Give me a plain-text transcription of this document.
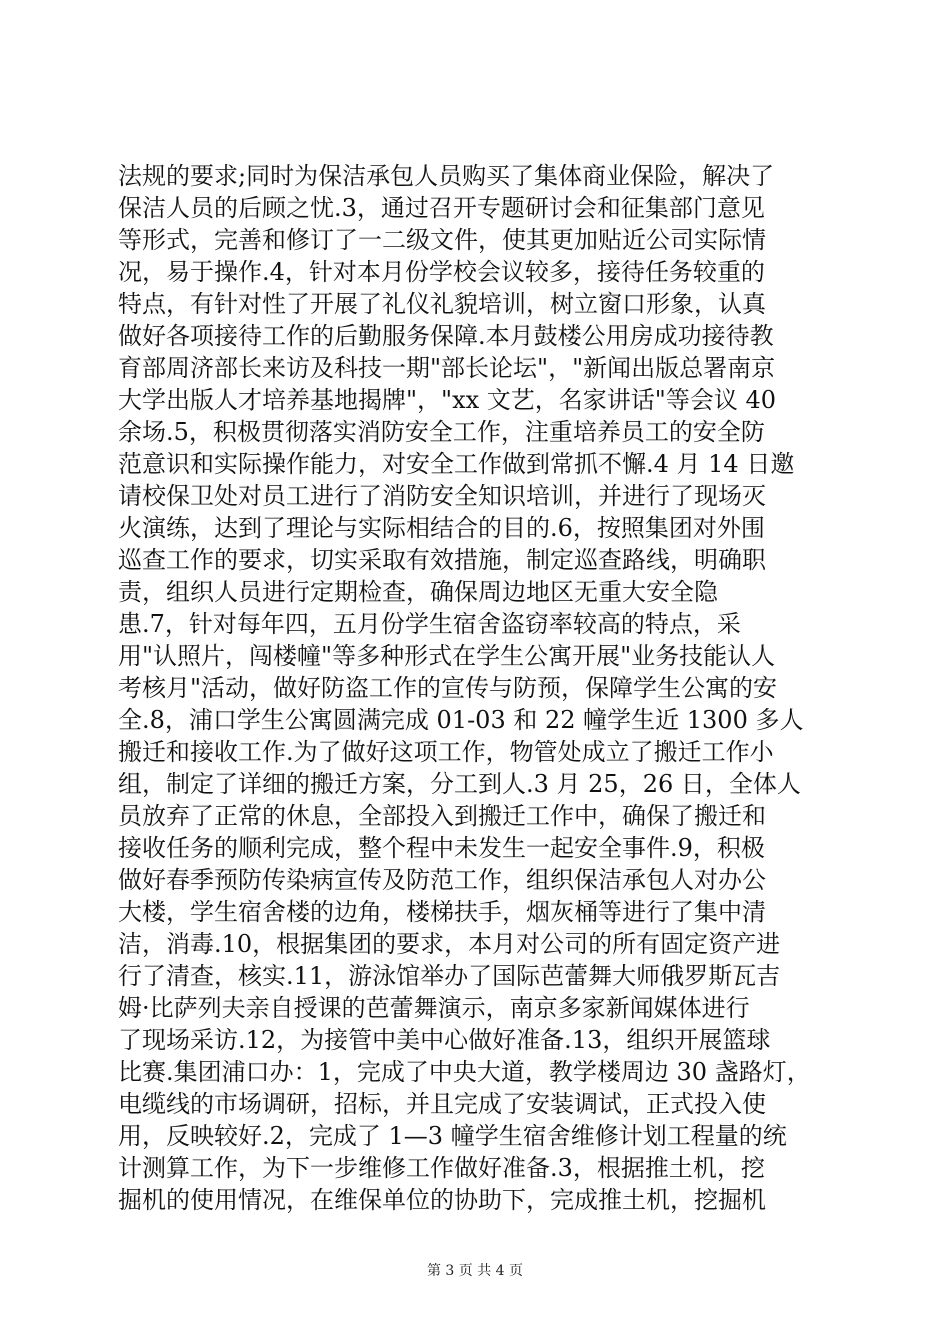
法规的要求;同时为保洁承包人员购买了集体商业保险，解决了
保洁人员的后顾之忧.3，通过召开专题研讨会和征集部门意见
等形式，完善和修订了一二级文件，使其更加贴近公司实际情
况，易于操作.4，针对本月份学校会议较多，接待任务较重的
特点，有针对性了开展了礼仪礼貌培训，树立窗口形象，认真
做好各项接待工作的后勤服务保障.本月鼓楼公用房成功接待教
育部周济部长来访及科技一期"部长论坛"，"新闻出版总署南京
大学出版人才培养基地揭牌"，"xx 文艺，名家讲话"等会议 40
余场.5，积极贯彻落实消防安全工作，注重培养员工的安全防
范意识和实际操作能力，对安全工作做到常抓不懈.4 月 14 日邀
请校保卫处对员工进行了消防安全知识培训，并进行了现场灭
火演练，达到了理论与实际相结合的目的.6，按照集团对外围
巡查工作的要求，切实采取有效措施，制定巡查路线，明确职
责，组织人员进行定期检查，确保周边地区无重大安全隐
患.7，针对每年四，五月份学生宿舍盗窃率较高的特点，采
用"认照片，闯楼幢"等多种形式在学生公寓开展"业务技能认人
考核月"活动，做好防盗工作的宣传与防预，保障学生公寓的安
全.8，浦口学生公寓圆满完成 01-03 和 22 幢学生近 1300 多人
搬迁和接收工作.为了做好这项工作，物管处成立了搬迁工作小
组，制定了详细的搬迁方案，分工到人.3 月 25，26 日，全体人
员放弃了正常的休息，全部投入到搬迁工作中，确保了搬迁和
接收任务的顺利完成，整个程中未发生一起安全事件.9，积极
做好春季预防传染病宣传及防范工作，组织保洁承包人对办公
大楼，学生宿舍楼的边角，楼梯扶手，烟灰桶等进行了集中清
洁，消毒.10，根据集团的要求，本月对公司的所有固定资产进
行了清查，核实.11，游泳馆举办了国际芭蕾舞大师俄罗斯瓦吉
姆·比萨列夫亲自授课的芭蕾舞演示，南京多家新闻媒体进行
了现场采访.12，为接管中美中心做好准备.13，组织开展篮球
比赛.集团浦口办：1，完成了中央大道，教学楼周边 30 盏路灯，
电缆线的市场调研，招标，并且完成了安装调试，正式投入使
用，反映较好.2，完成了 1—3 幢学生宿舍维修计划工程量的统
计测算工作，为下一步维修工作做好准备.3，根据推土机，挖
掘机的使用情况，在维保单位的协助下，完成推土机，挖掘机
第 3 页 共 4 页
